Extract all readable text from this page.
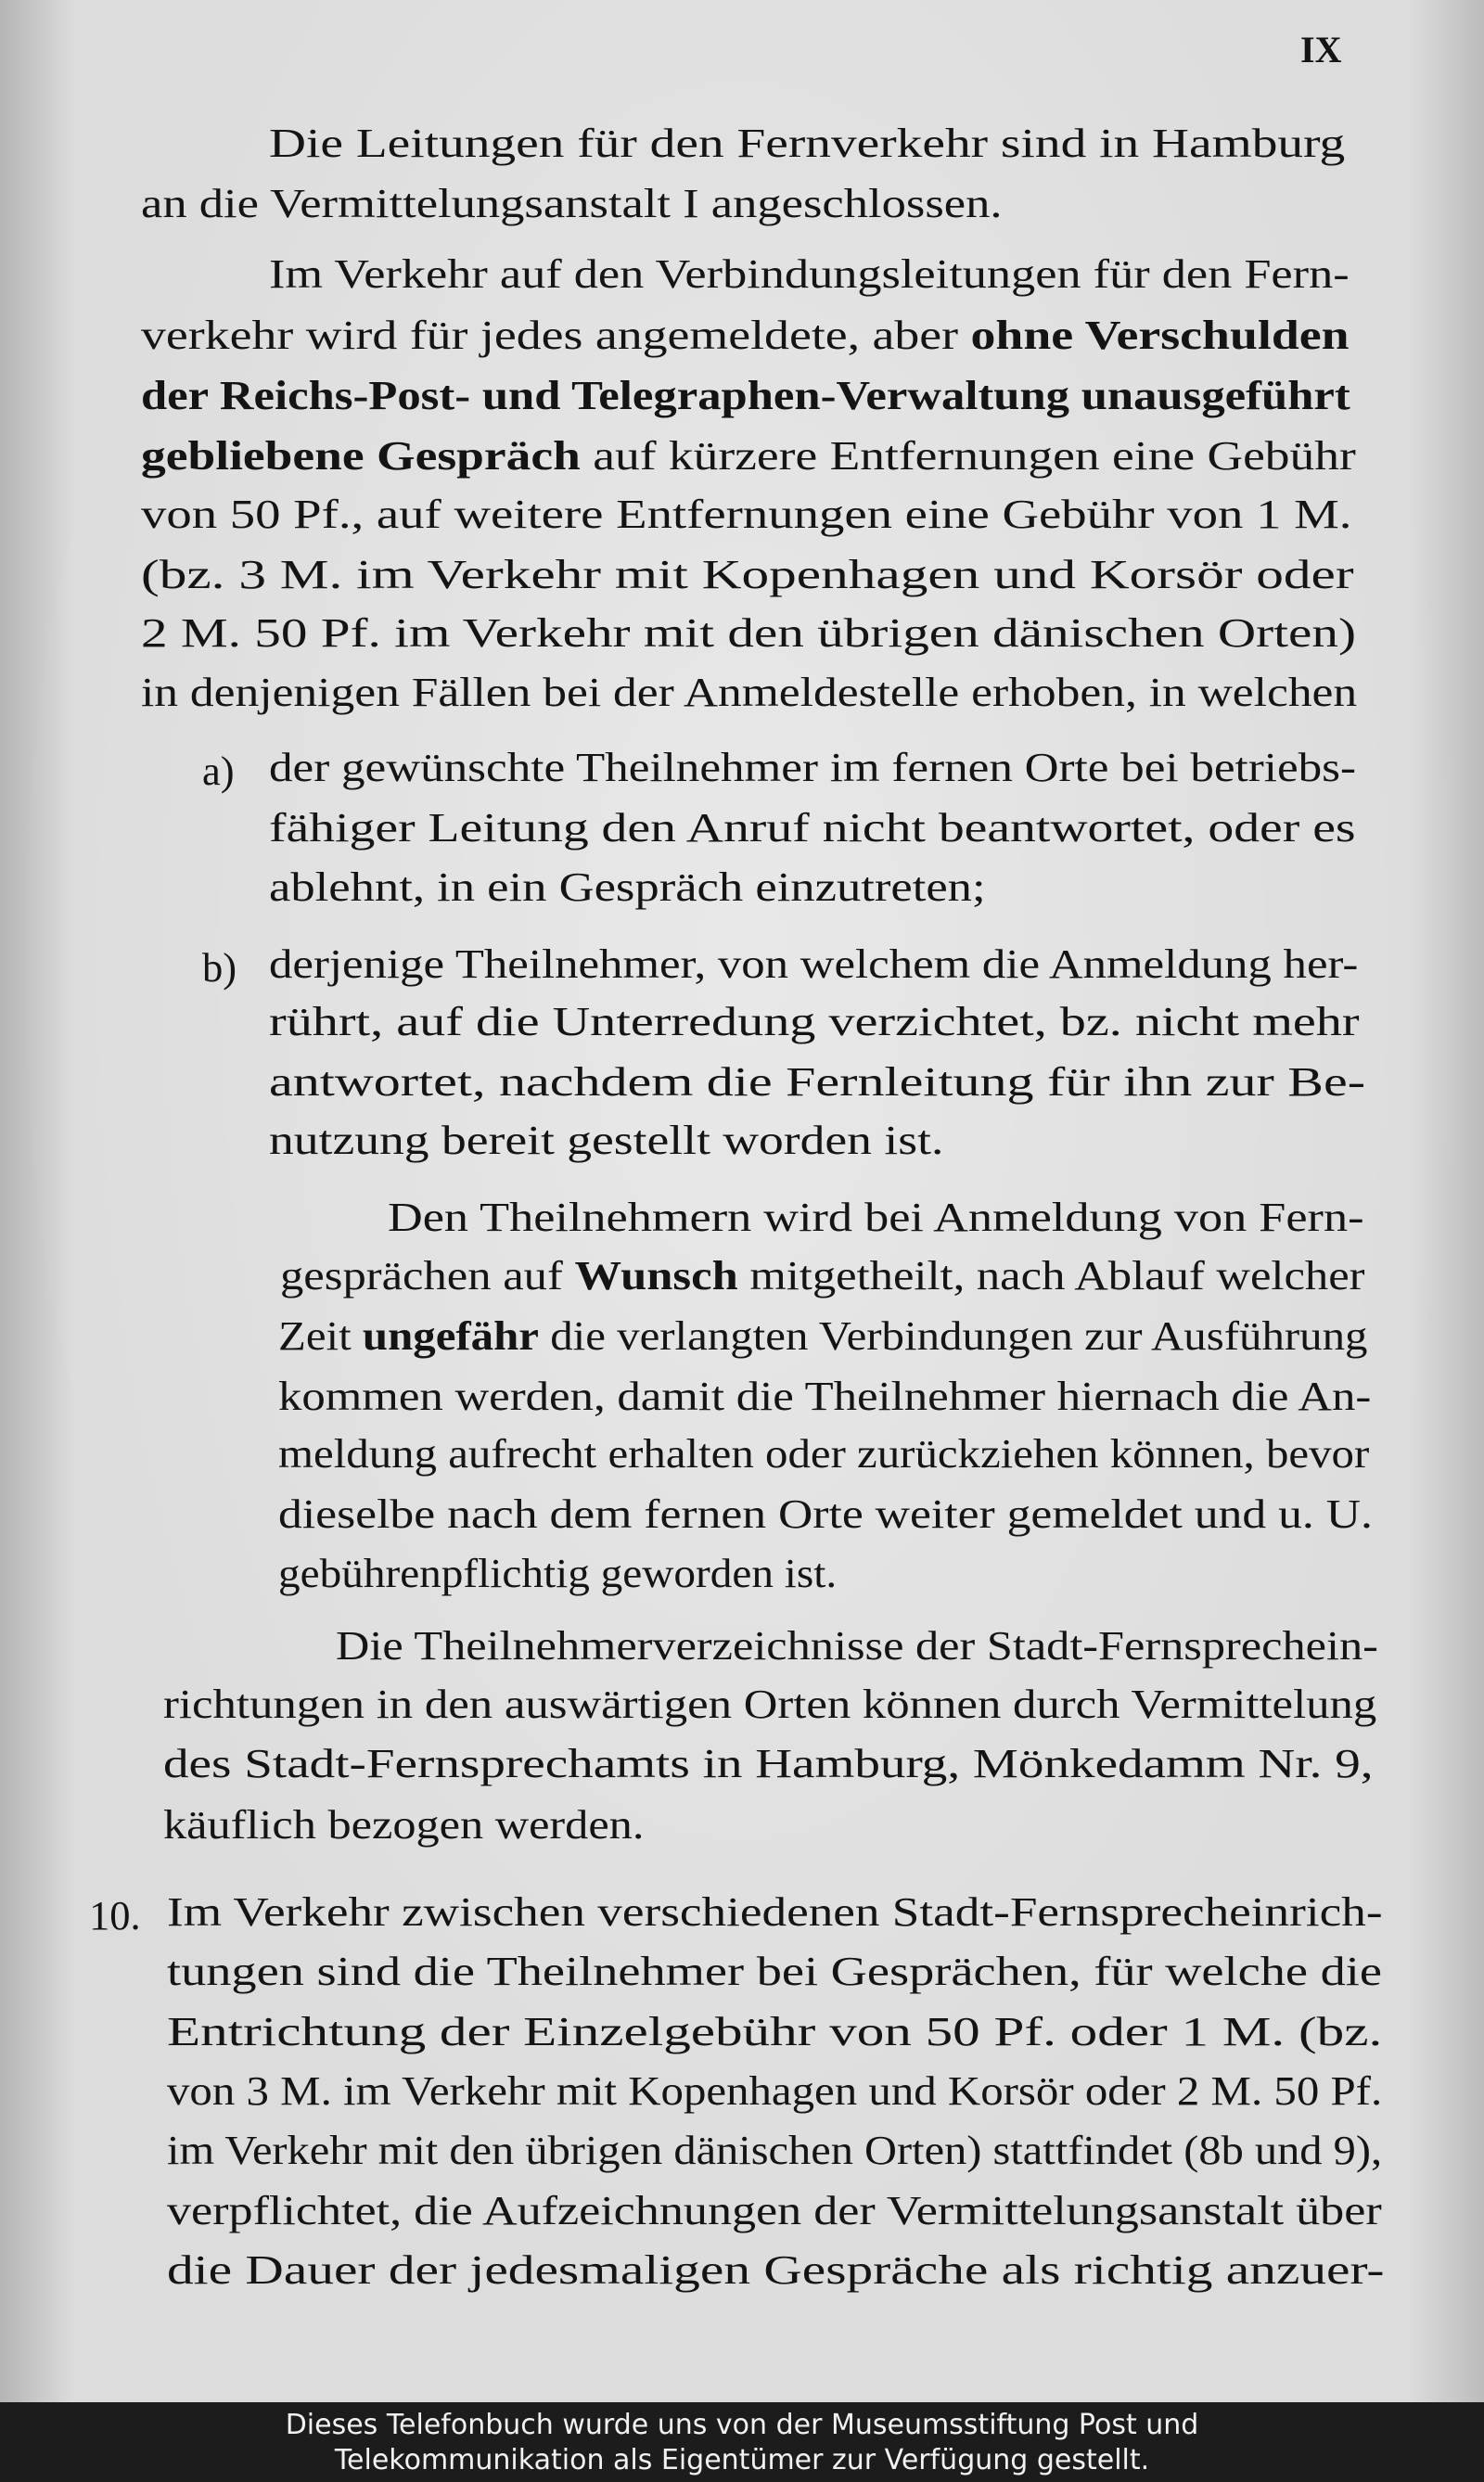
IX
a)
b)
10.
Die Leitungen für den Fernverkehr sind in Hamburg
an die Vermittelungsanstalt I angeschlossen.
Im Verkehr auf den Verbindungsleitungen für den Fern-
verkehr wird für jedes angemeldete, aber ohne Verschulden
der Reichs-Post- und Telegraphen-Verwaltung unausgeführt
gebliebene Gespräch auf kürzere Entfernungen eine Gebühr
von 50 Pf., auf weitere Entfernungen eine Gebühr von 1 M.
(bz. 3 M. im Verkehr mit Kopenhagen und Korsör oder
2 M. 50 Pf. im Verkehr mit den übrigen dänischen Orten)
in denjenigen Fällen bei der Anmeldestelle erhoben, in welchen
der gewünschte Theilnehmer im fernen Orte bei betriebs-
fähiger Leitung den Anruf nicht beantwortet, oder es
ablehnt, in ein Gespräch einzutreten;
derjenige Theilnehmer, von welchem die Anmeldung her-
rührt, auf die Unterredung verzichtet, bz. nicht mehr
antwortet, nachdem die Fernleitung für ihn zur Be-
nutzung bereit gestellt worden ist.
Den Theilnehmern wird bei Anmeldung von Fern-
gesprächen auf Wunsch mitgetheilt, nach Ablauf welcher
Zeit ungefähr die verlangten Verbindungen zur Ausführung
kommen werden, damit die Theilnehmer hiernach die An-
meldung aufrecht erhalten oder zurückziehen können, bevor
dieselbe nach dem fernen Orte weiter gemeldet und u. U.
gebührenpflichtig geworden ist.
Die Theilnehmerverzeichnisse der Stadt-Fernsprechein-
richtungen in den auswärtigen Orten können durch Vermittelung
des Stadt-Fernsprechamts in Hamburg, Mönkedamm Nr. 9,
käuflich bezogen werden.
Im Verkehr zwischen verschiedenen Stadt-Fernsprecheinrich-
tungen sind die Theilnehmer bei Gesprächen, für welche die
Entrichtung der Einzelgebühr von 50 Pf. oder 1 M. (bz.
von 3 M. im Verkehr mit Kopenhagen und Korsör oder 2 M. 50 Pf.
im Verkehr mit den übrigen dänischen Orten) stattfindet (8b und 9),
verpflichtet, die Aufzeichnungen der Vermittelungsanstalt über
die Dauer der jedesmaligen Gespräche als richtig anzuer-
Dieses Telefonbuch wurde uns von der Museumsstiftung Post und
Telekommunikation als Eigentümer zur Verfügung gestellt.
